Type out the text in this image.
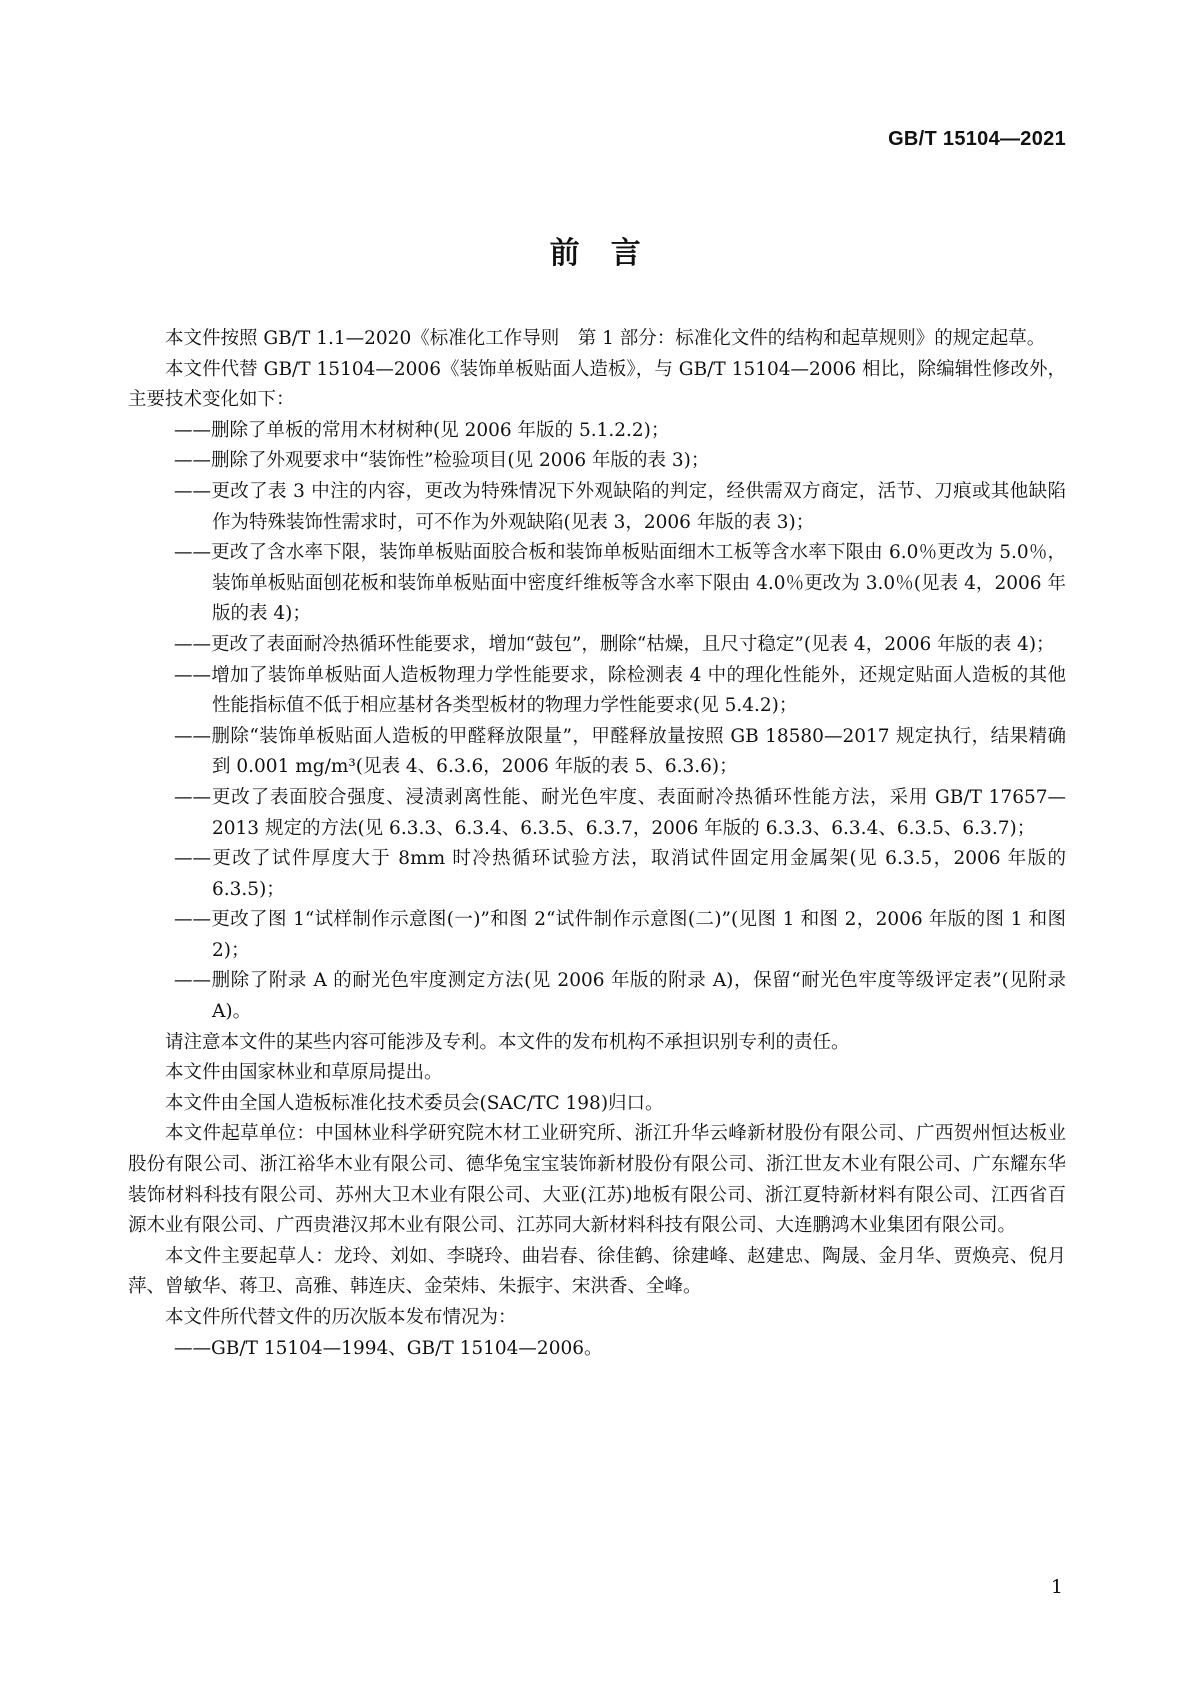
GB/T 15104—2021
前　言

本文件按照 GB/T 1.1—2020《标准化工作导则　第 1 部分：标准化文件的结构和起草规则》的规定起草。

本文件代替 GB/T 15104—2006《装饰单板贴面人造板》，与 GB/T 15104—2006 相比，除编辑性修改外，主要技术变化如下：

——删除了单板的常用木材树种(见 2006 年版的 5.1.2.2)；

——删除了外观要求中“装饰性”检验项目(见 2006 年版的表 3)；

——更改了表 3 中注的内容，更改为特殊情况下外观缺陷的判定，经供需双方商定，活节、刀痕或其他缺陷作为特殊装饰性需求时，可不作为外观缺陷(见表 3，2006 年版的表 3)；

——更改了含水率下限，装饰单板贴面胶合板和装饰单板贴面细木工板等含水率下限由 6.0％更改为 5.0％，装饰单板贴面刨花板和装饰单板贴面中密度纤维板等含水率下限由 4.0％更改为 3.0％(见表 4，2006 年版的表 4)；

——更改了表面耐冷热循环性能要求，增加“鼓包”，删除“枯燥，且尺寸稳定”(见表 4，2006 年版的表 4)；

——增加了装饰单板贴面人造板物理力学性能要求，除检测表 4 中的理化性能外，还规定贴面人造板的其他性能指标值不低于相应基材各类型板材的物理力学性能要求(见 5.4.2)；

——删除“装饰单板贴面人造板的甲醛释放限量”，甲醛释放量按照 GB 18580—2017 规定执行，结果精确到 0.001 mg/m³(见表 4、6.3.6，2006 年版的表 5、6.3.6)；

——更改了表面胶合强度、浸渍剥离性能、耐光色牢度、表面耐冷热循环性能方法，采用 GB/T 17657—2013 规定的方法(见 6.3.3、6.3.4、6.3.5、6.3.7，2006 年版的 6.3.3、6.3.4、6.3.5、6.3.7)；

——更改了试件厚度大于 8mm 时冷热循环试验方法，取消试件固定用金属架(见 6.3.5，2006 年版的 6.3.5)；

——更改了图 1“试样制作示意图(一)”和图 2“试件制作示意图(二)”(见图 1 和图 2，2006 年版的图 1 和图 2)；

——删除了附录 A 的耐光色牢度测定方法(见 2006 年版的附录 A)，保留“耐光色牢度等级评定表”(见附录 A)。

请注意本文件的某些内容可能涉及专利。本文件的发布机构不承担识别专利的责任。

本文件由国家林业和草原局提出。

本文件由全国人造板标准化技术委员会(SAC/TC 198)归口。

本文件起草单位：中国林业科学研究院木材工业研究所、浙江升华云峰新材股份有限公司、广西贺州恒达板业股份有限公司、浙江裕华木业有限公司、德华兔宝宝装饰新材股份有限公司、浙江世友木业有限公司、广东耀东华装饰材料科技有限公司、苏州大卫木业有限公司、大亚(江苏)地板有限公司、浙江夏特新材料有限公司、江西省百源木业有限公司、广西贵港汉邦木业有限公司、江苏同大新材料科技有限公司、大连鹏鸿木业集团有限公司。

本文件主要起草人：龙玲、刘如、李晓玲、曲岩春、徐佳鹤、徐建峰、赵建忠、陶晟、金月华、贾焕亮、倪月萍、曾敏华、蒋卫、高雅、韩连庆、金荣炜、朱振宇、宋洪香、全峰。

本文件所代替文件的历次版本发布情况为：

——GB/T 15104—1994、GB/T 15104—2006。

1
